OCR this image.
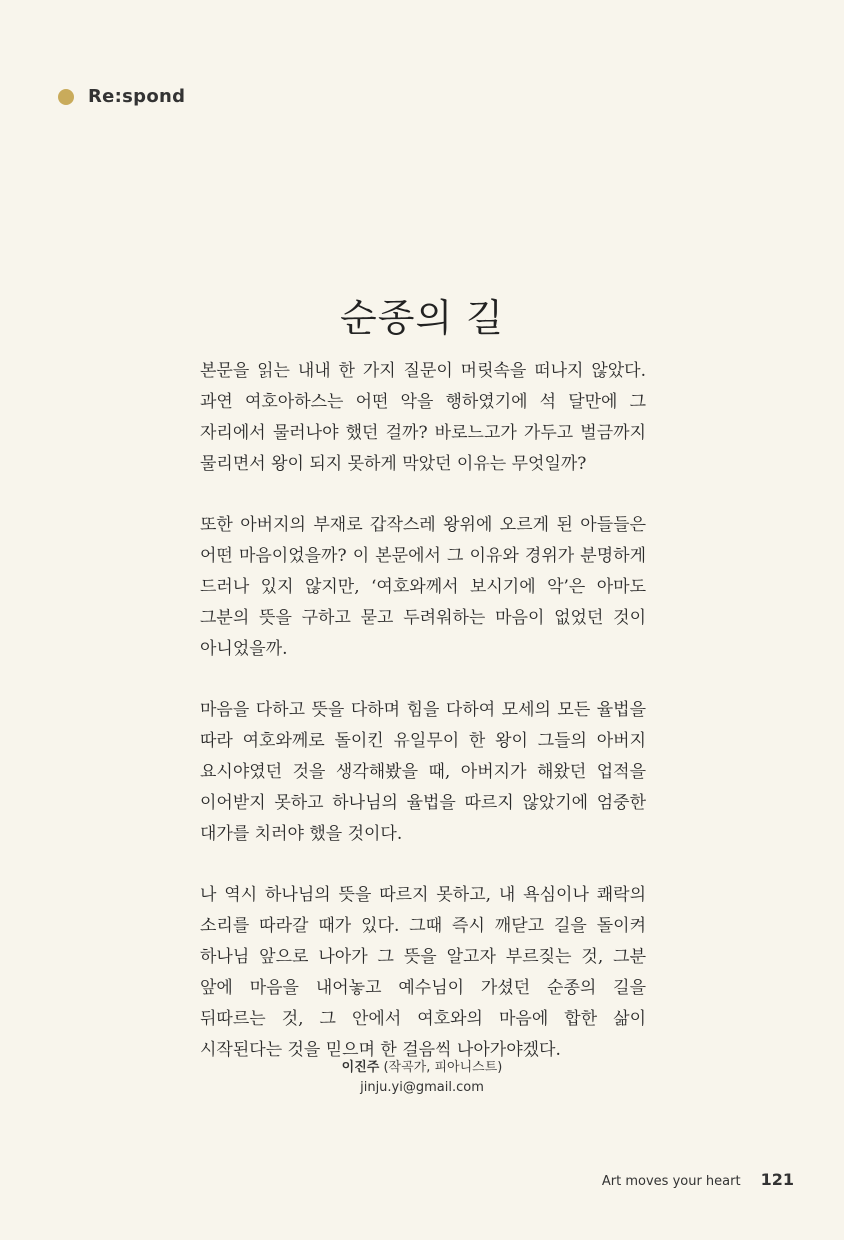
Re:spond
순종의 길

본문을 읽는 내내 한 가지 질문이 머릿속을 떠나지 않았다. 과연 여호아하스는 어떤 악을 행하였기에 석 달만에 그 자리에서 물러나야 했던 걸까? 바로느고가 가두고 벌금까지 물리면서 왕이 되지 못하게 막았던 이유는 무엇일까?

또한 아버지의 부재로 갑작스레 왕위에 오르게 된 아들들은 어떤 마음이었을까? 이 본문에서 그 이유와 경위가 분명하게 드러나 있지 않지만, ‘여호와께서 보시기에 악’은 아마도 그분의 뜻을 구하고 묻고 두려워하는 마음이 없었던 것이 아니었을까.

마음을 다하고 뜻을 다하며 힘을 다하여 모세의 모든 율법을 따라 여호와께로 돌이킨 유일무이 한 왕이 그들의 아버지 요시야였던 것을 생각해봤을 때, 아버지가 해왔던 업적을 이어받지 못하고 하나님의 율법을 따르지 않았기에 엄중한 대가를 치러야 했을 것이다.

나 역시 하나님의 뜻을 따르지 못하고, 내 욕심이나 쾌락의 소리를 따라갈 때가 있다. 그때 즉시 깨닫고 길을 돌이켜 하나님 앞으로 나아가 그 뜻을 알고자 부르짖는 것, 그분 앞에 마음을 내어놓고 예수님이 가셨던 순종의 길을 뒤따르는 것, 그 안에서 여호와의 마음에 합한 삶이 시작된다는 것을 믿으며 한 걸음씩 나아가야겠다.

이진주 (작곡가, 피아니스트)
jinju.yi@gmail.com
Art moves your heart 121
